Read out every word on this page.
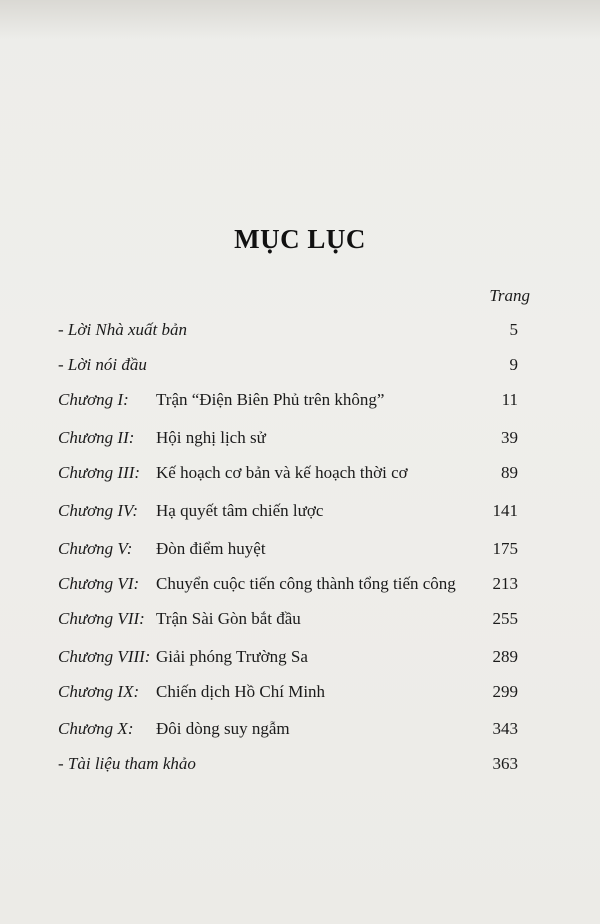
MỤC LỤC
Trang
- Lời Nhà xuất bản	5
- Lời nói đầu	9
Chương I: Trận “Điện Biên Phủ trên không”	11
Chương II: Hội nghị lịch sử	39
Chương III: Kế hoạch cơ bản và kế hoạch thời cơ	89
Chương IV: Hạ quyết tâm chiến lược	141
Chương V: Đòn điểm huyệt	175
Chương VI: Chuyển cuộc tiến công thành tổng tiến công 213
Chương VII: Trận Sài Gòn bắt đầu	255
Chương VIII: Giải phóng Trường Sa	289
Chương IX: Chiến dịch Hồ Chí Minh	299
Chương X: Đôi dòng suy ngẫm	343
- Tài liệu tham khảo	363
